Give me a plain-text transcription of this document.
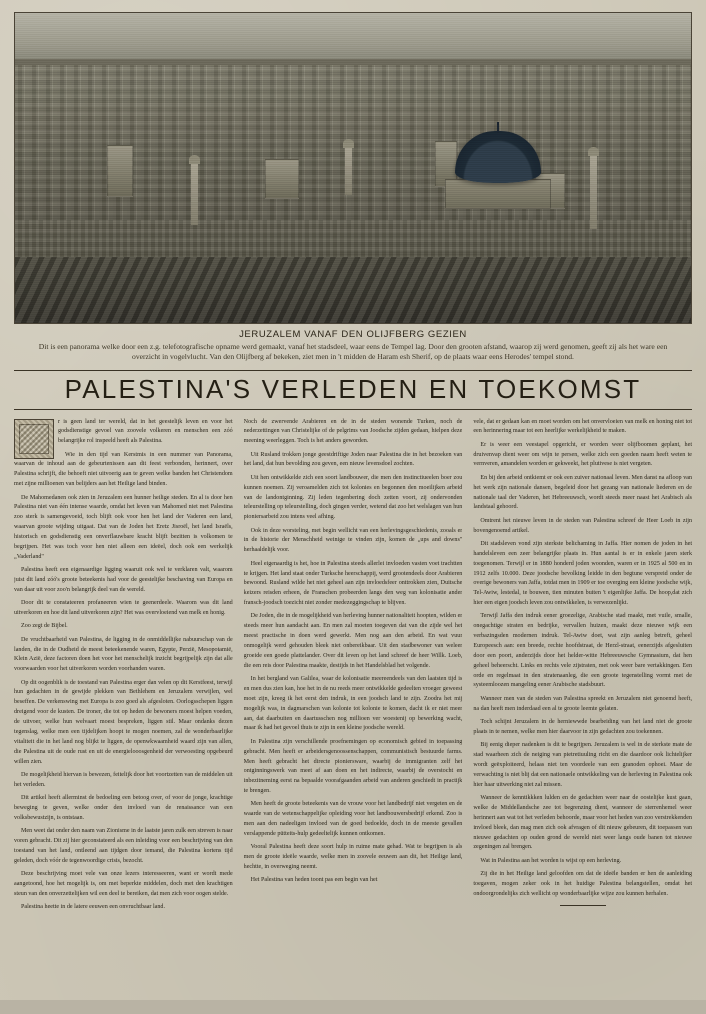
JERUZALEM VANAF DEN OLIJFBERG GEZIEN
Dit is een panorama welke door een z.g. telefotografische opname werd gemaakt, vanaf het stadsdeel, waar eens de Tempel lag. Door den grooten afstand, waarop zij werd genomen, geeft zij als het ware een overzicht in vogelvlucht. Van den Olijfberg af bekeken, ziet men in 't midden de Haram esh Sherif, op de plaats waar eens Herodes' tempel stond.
PALESTINA'S VERLEDEN EN TOEKOMST

r is geen land ter wereld, dat in het geestelijk leven en voor het godsdienstige gevoel van zoovele volkeren en menschen een zóó belangrijke rol inspeeld heeft als Palestina.

Wie in den tijd van Kerstmis in een nummer van Panorama, waarvan de inhoud aan de gebeurtenissen aan dit feest verbonden, herinnert, over Palestina schrijft, die behoeft niet uitvoerig aan te geven welke banden het Christendom met zijne millioenen van belijders aan het Heilige land binden.

De Mahomedanen ook zien in Jeruzalem een hunner heilige steden. En al is door hen Palestina niet van één intense waarde, omdat het leven van Mahomed niet met Palestina zoo sterk is samengevoeid, toch blijft ook voor hen het land der Vaderen een land, waarvan groote wijding uitgaat. Dat van de Joden het Eretz Jisroël, het land Israëls, historisch en godsdienstig een onverflauwbare kracht blijft bezitten is volkomen te begrijpen. Het was toch voor hen niet alleen een ideëel, doch ook een werkelijk „Vaderland"

Palestina heeft een eigenaardige ligging waaruit ook wel te verklaren valt, waarom juist dit land zóó's groote beteekenis had voor de geestelijke beschaving van Europa en van daar uit voor zoo'n belangrijk deel van de wereld.

Door dit te constateeren profaneeren wien te geenerdeele. Waarom was dit land uitverkoren en hoe dit land uitverkoren zijn? Het was overvloeiend van melk en honig.

Zoo zegt de Bijbel.

De vruchtbaarheid van Palestina, de ligging in de onmiddellijke nabuurschap van de landen, die in de Oudheid de meest beteekenende waren, Egypte, Perzië, Mesopotamië, Klein Azië, deze factoren doen het voor het menschelijk inzicht begrijpelijk zijn dat alle voorwaarden voor het uitverkoren worden voorhanden waren.

Op dit oogenblik is de toestand van Palestina erger dan velen op dit Kerstfeest, terwijl hun gedachten in de gewijde plekken van Bethlehem en Jeruzalem verwijlen, wel beseffen. De verkenswing met Europa is zoo goed als afgesloten. Oorlogsschepen liggen dreigend voor de kusten. De troner, die tot op heden de bewoners moest helpen voeden, de uitvoer, welke hun welvaart moest bespreken, liggen stil. Maar ondanks dezen tegenslag, welke men een tijdelijken hoopt te mogen noemen, zal de wonderbaarlijke vitaliteit die in het land nog blijkt te liggen, de openwkwaamheid waard zijn van allen, die Palestina uit de oude rust en uit de energielooosgenheid der verwoesting opgebeurd willen zien.

De mogelijkheid hiervan is bewezen, feitelijk door het voortzetten van de middelen uit het verleden.

Dit artikel heeft allerminst de bedoeling een betoog over, of voor de jonge, krachtige beweging te geven, welke onder den invloed van de renaissance van een volksbewustzijn, is ontstaan.

Men weet dat onder den naam van Zionisme in de laatste jaren zulk een streven is naar voren gebracht. Dit zij hier geconstateerd als een inleiding voor een beschrijving van den toestand van het land, ontleend aan tijdgen door iemand, die Palestina kortens tijd geleden, doch vóór de tegenwoordige crisis, bezocht.

Deze beschrijving moet vele van onze lezers interesseeren, want er wordt mede aangetoond, hoe het mogelijk is, om met beperkte middelen, doch met den krachtigen steun van den onverzettelijken wil een deel te bereiken, dat men zich voor oogen stelde.

Palestina heette in de latere eeuwen een onvruchtbaar land.

Noch de zwervende Arabieren en de in de steden wonende Turken, noch de nederzettingen van Christelijke of de pelgrims van Joodsche zijden gedaan, hielpen deze meening weerleggen. Toch is het anders geworden.

Uit Rusland trokken jonge geestdriftige Joden naar Palestina die in het bezoeken van het land, dat hun bevolding zou geven, een nieuw levensdoel zochten.

Uit hen ontwikkelde zich een soort landbouwer, die men den instinctiueelen boer zou kunnen noemen. Zij veroamelden zich tot kolonies en begonnen den moeilijken arbeid van de landontginning. Zij leden tegenbering doch zetten voort, zij ondervonden teleurstelling op teleurstelling, doch gingen verder, wetend dat zoo het welslagen van hun pioniersarbeid zou intens veel afhing.

Ook in deze worsteling, met begin wellicht van een herlevingsgeschiedenis, zooals er in de historie der Menschheid weinige te vinden zijn, komen de „ups and downs" herhaaldelijk voor.

Heel eigenaardig is het, hoe in Palestina steeds allerlei invloeden vasten voet trachtten te krijgen. Het land staat onder Turksche heerschappij, werd grootendeels door Arabieren bewoond. Rusland wilde het niet geheel aan zijn invloedsfeer onttrokken zien, Duitsche keizers reisden erheen, de Franschen probeerden langs den weg van kolonisatie ander fransch-joodsch toezicht niet zonder medezeggingschap te blijven.

De Joden, die in de mogelijkheid van herleving hunner nationaliteit hoopten, wilden er steeds meer hun aandacht aan. En men zal moeten toegeven dat van die zijde wel het meest practische in doen werd gewerkt. Men nog aan den arbeid. En wat vuur onmogelijk werd gehouden bleek niet onbereikbaar. Uit den stadbewoner van weleer groeide een goede plattelander. Over dit leven op het land schreef de heer Willk. Loeb, die een reis door Palestina maakte, destijds in het Handelsblad het volgende.

In het bergland van Galilea, waar de kolonisatie meereendeels van den laatsten tijd is en men dus zien kan, hoe het in de nu reeds meer ontwikkelde gedeelten vroeger geweest moet zijn, kreeg ik het eerst den indruk, in een joodsch land te zijn. Zoodra het mij mogelijk was, in dagmarschen van kolonie tot kolonie te komen, dacht ik er niet meer aan, dat daarbuiten en daartusschen nog millioen ver woestenij op bewerking wacht, maar ik had het gevoel thuis te zijn in een kleine joodsche wereld.

In Palestina zijn verschillende proefnemingen op economisch gebied in toepassing gebracht. Men heeft er arbeidersgenoossenschappen, communistisch bestuurde farms. Men heeft gebracht het directe pioniersware, waarbij de immigranten zelf het ontginningswerk van meet af aan doen en het indirecte, waarbij de overstocht en inbezitneming eerst na bepaalde voorafgaanden arbeid van anderen geschiedt in practijk te brengen.

Men heeft de groote beteekenis van de vrouw voor het landbedrijf niet vergeten en de waarde van de wetenschappelijke opleiding voor het landbouwersbedrijf erkend. Zoo is men aan den nadeeligen invloed van de goed bedoelde, doch in de meeste gevallen verslappende pütteits-hulp gedeeltelijk kunnen ontkomen.

Vooral Palestina heeft deze soort hulp in ruime mate gehad. Wat te begrijpen is als men de groote ideële waarde, welke men in zoovele eeuwen aan dit, het Heilige land, hechtte, in overweging neemt.

Het Palestina van heden toont pas een begin van het

vele, dat er gedaan kan en moet worden om het onvervloeien van melk en honing niet tot een herinnering maar tot een heerlijke werkelijkheid te maken.

Er is weer een veestapel opgericht, er worden weer olijfboomen geplant, het druivenvap dient weer om wijn te persen, welke zich een goeden naam heeft weten te vernveren, amandelen worden er gekweekt, het plutivese is niet vergeten.

En bij den arbeid ontkiemt er ook een zuiver nationaal leven. Men danst na afloop van het werk zijn nationale dansen, begeleid door het gezang van nationale liederen en de nationale taal der Vaderen, het Hebreeuwsch, wordt steeds meer naast het Arabisch als landstaal gehoord.

Omtrent het nieuwe leven in de steden van Palestina schreef de Heer Loeb in zijn bovengenoemd artikel.

Dit stadsleven vond zijn sterkste belichaming in Jaffa. Hier nomen de joden in het handelsleven een zeer belangrijke plaats in. Hun aantal is er in enkele jaren sterk toegenomen. Terwijl er in 1880 honderd joden woonden, waren er in 1925 al 500 en in 1912 zelfs 10.000. Deze joodsche bevolking leidde in den begtune verspreid onder de overige bewoners van Jaffa, totdat men in 1909 er toe overging een kleine joodsche wijk, Tel-Awiw, lestedal, te bouwen, tien minuten buiten 't eigenlijke Jaffa. De hoop,dat zich hier een eigen joodsch leven zou ontwikkelen, is verwezenlijkt.

Terwijl Jaffa den indruk eener groezelige, Arabische stad maakt, met vuile, smalle, onegachtige straten en bedrijke, vervallen huizen, maakt deze nieuwe wijk een verbazingsden modernen indruk. Tel-Awiw doet, wat zijn aanleg betreft, geheel Europeesch aan: een breede, rechte hoofdstraat, de Herzl-straat, eenerzijds afgesluiten door een poort, anderzijds door het helder-witte Hebreeuwsche Gymnasium, dat hen geheel beheerscht. Links en rechts vele zijstraten, met ook weer bare vertakkingen. Een orde en regelmaat in den stratenaanleg, die een groote tegenstelling vormt met de systeemloozen mangeling eener Arabische stadsbuurt.

Wanneer men van de steden van Palestina spreekt en Jeruzalem niet genoemd heeft, na dan heeft men inderdaad een al te groote leemte gelaten.

Toch schijnt Jeruzalem in de herniewwde bearbeiding van het land niet de groote plaats in te nemen, welke men hier daarvoor in zijn gedachten zou toekennen.

Bij eenig dieper nadenken is dit te begrijpen. Jeruzalem is wel in de sterkste mate de stad waarheen zich de neiging van pietretiuuling richt en die daardoor ook lichtelijker wordt geëxploiteerd, helaas niet ten voordeele van een granoden ophoei. Maar de verwachting is niet blij dat een nationaele ontwikkeling van de herleving in Palestina ook hier haar uitwerking niet zal missen.

Wanneer de kenntikkken lulden en de gedachten weer naar de oostelijke kust gaan, welke de Middellandsche zee tot begrenzing dient, wanneer de sterrenhemel weer herinnert aan wat tot het verleden behoorde, maar voor het heden van zoo verstrekkenden invloed bleek, dan mag men zich ook afvragen of dit nieuw gebeuren, dit toepassen van nieuwe gedachten op ouden grond de wereld niet weer langs oude banen tot nieuwe zegeningen zal brengen.

Wat in Palestina aan het worden is wijst op een herleving.

Zij die in het Heilige land geloofden om dat de ideële banden er hen de aanleiding toegaven, mogen zeker ook in het huidige Palestina belangstellen, omdat het ondoorgrondelijks zich wellicht op wonderbaarlijke wijze zou kunnen herhalen.
